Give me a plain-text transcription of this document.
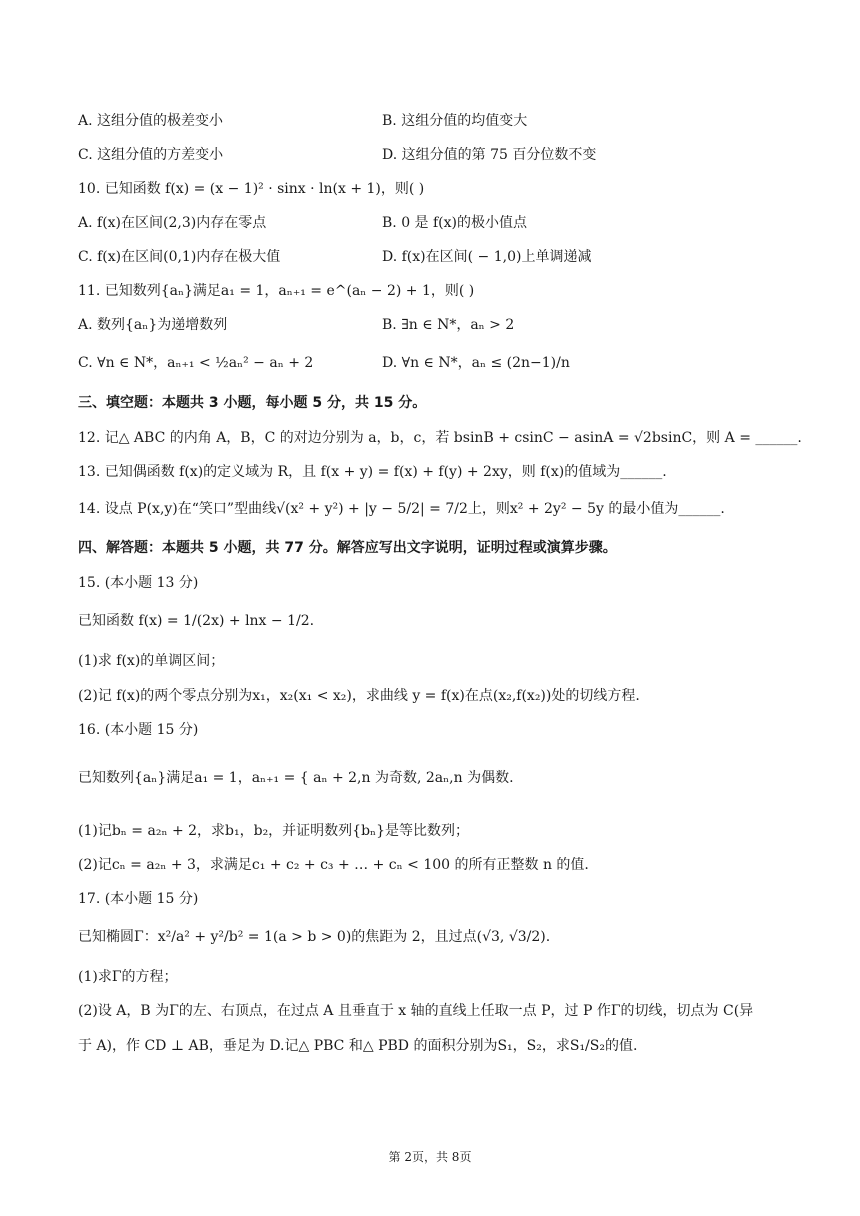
A. 这组分值的极差变小	B. 这组分值的均值变大
C. 这组分值的方差变小	D. 这组分值的第 75 百分位数不变
10. 已知函数 f(x) = (x − 1)² · sinx · ln(x + 1)，则( )
A. f(x)在区间(2,3)内存在零点	B. 0 是 f(x)的极小值点
C. f(x)在区间(0,1)内存在极大值	D. f(x)在区间( − 1,0)上单调递减
11. 已知数列{aₙ}满足a₁ = 1，aₙ₊₁ = e^(aₙ − 2) + 1，则( )
A. 数列{aₙ}为递增数列	B. ∃n ∈ N*，aₙ > 2
C. ∀n ∈ N*，aₙ₊₁ < ½aₙ² − aₙ + 2	D. ∀n ∈ N*，aₙ ≤ (2n−1)/n
三、填空题：本题共 3 小题，每小题 5 分，共 15 分。
12. 记△ ABC 的内角 A，B，C 的对边分别为 a，b，c，若 bsinB + csinC − asinA = √2bsinC，则 A = ______.
13. 已知偶函数 f(x)的定义域为 R，且 f(x + y) = f(x) + f(y) + 2xy，则 f(x)的值域为______.
14. 设点 P(x,y)在“笑口”型曲线√(x² + y²) + |y − 5/2| = 7/2上，则x² + 2y² − 5y 的最小值为______.
四、解答题：本题共 5 小题，共 77 分。解答应写出文字说明，证明过程或演算步骤。
15. (本小题 13 分)
已知函数 f(x) = 1/(2x) + lnx − 1/2.
(1)求 f(x)的单调区间；
(2)记 f(x)的两个零点分别为x₁，x₂(x₁ < x₂)，求曲线 y = f(x)在点(x₂,f(x₂))处的切线方程.
16. (本小题 15 分)
已知数列{aₙ}满足a₁ = 1，aₙ₊₁ = { aₙ + 2,n 为奇数, 2aₙ,n 为偶数.
(1)记bₙ = a₂ₙ + 2，求b₁，b₂，并证明数列{bₙ}是等比数列；
(2)记cₙ = a₂ₙ + 3，求满足c₁ + c₂ + c₃ + … + cₙ < 100 的所有正整数 n 的值.
17. (本小题 15 分)
已知椭圆Γ：x²/a² + y²/b² = 1(a > b > 0)的焦距为 2，且过点(√3, √3/2).
(1)求Γ的方程；
(2)设 A，B 为Γ的左、右顶点，在过点 A 且垂直于 x 轴的直线上任取一点 P，过 P 作Γ的切线，切点为 C(异
于 A)，作 CD ⊥ AB，垂足为 D.记△ PBC 和△ PBD 的面积分别为S₁，S₂，求S₁/S₂的值.
第 2页，共 8页
